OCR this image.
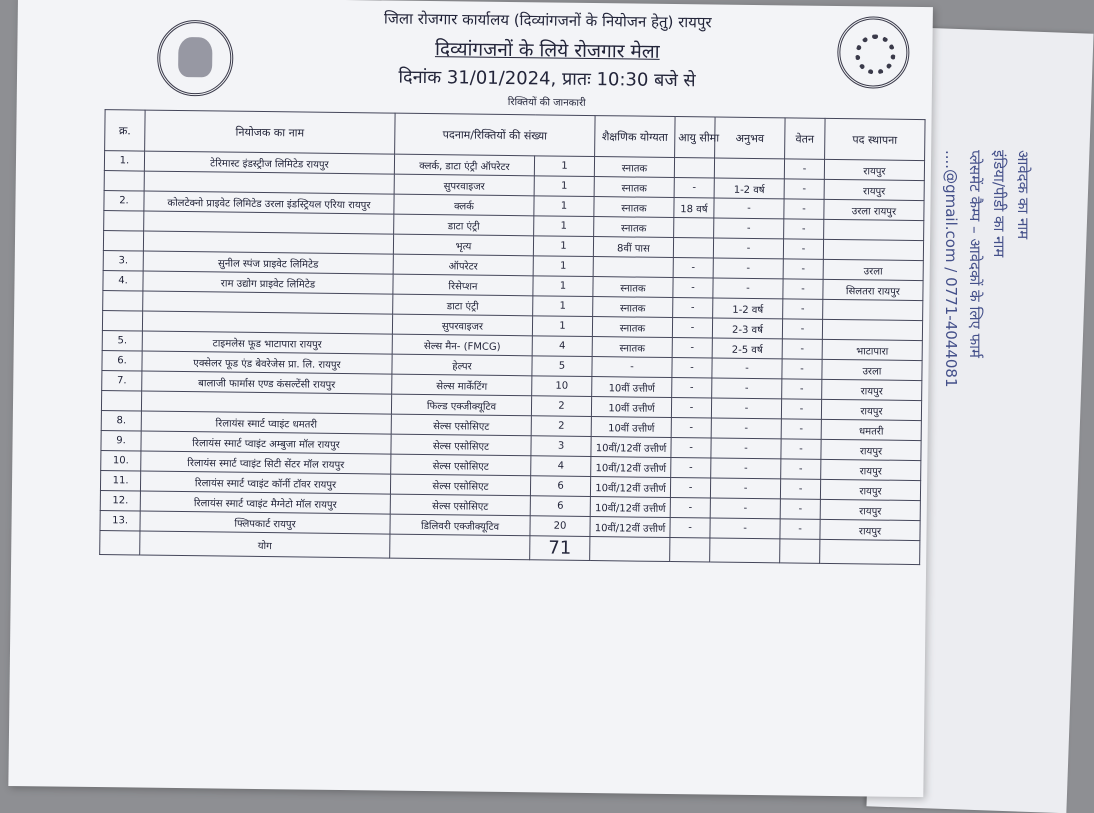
आवेदक का नाम
इंडिया/पीडी का नाम
प्लेसमेंट कैम्प – आवेदकों के लिए फार्म
....@gmail.com / 0771-4044081
जिला रोजगार कार्यालय (दिव्यांगजनों के नियोजन हेतु) रायपुर
दिव्यांगजनों के लिये रोजगार मेला
दिनांक 31/01/2024, प्रातः 10:30 बजे से
रिक्तियों की जानकारी
क्र.	नियोजक का नाम	पदनाम/रिक्तियों की संख्या		शैक्षणिक योग्यता	आयु सीमा	अनुभव	वेतन	पद स्थापना
1.	टेरिमास्ट इंडस्ट्रीज लिमिटेड रायपुर	क्लर्क, डाटा एंट्री ऑपरेटर	1	स्नातक			-	रायपुर
		सुपरवाइजर	1	स्नातक	-	1-2 वर्ष	-	रायपुर
2.	कोलटेक्नो प्राइवेट लिमिटेड उरला इंडस्ट्रियल एरिया रायपुर	क्लर्क	1	स्नातक	18 वर्ष	-	-	उरला रायपुर
		डाटा एंट्री	1	स्नातक		-	-	
		भृत्य	1	8वीं पास		-	-	
3.	सुनील स्पंज प्राइवेट लिमिटेड	ऑपरेटर	1		-	-	-	उरला
4.	राम उद्योग प्राइवेट लिमिटेड	रिसेप्शन	1	स्नातक	-	-	-	सिलतरा रायपुर
		डाटा एंट्री	1	स्नातक	-	1-2 वर्ष	-	
		सुपरवाइजर	1	स्नातक	-	2-3 वर्ष	-	
5.	टाइमलेस फूड भाटापारा रायपुर	सेल्स मैन- (FMCG)	4	स्नातक	-	2-5 वर्ष	-	भाटापारा
6.	एक्सेलर फूड एंड बेवरेजेस प्रा. लि. रायपुर	हेल्पर	5	-	-	-	-	उरला
7.	बालाजी फार्मास एण्ड कंसल्टेंसी रायपुर	सेल्स मार्केटिंग	10	10वीं उत्तीर्ण	-	-	-	रायपुर
		फिल्ड एक्जीक्यूटिव	2	10वीं उत्तीर्ण	-	-	-	रायपुर
8.	रिलायंस स्मार्ट प्वाइंट धमतरी	सेल्स एसोसिएट	2	10वीं उत्तीर्ण	-	-	-	धमतरी
9.	रिलायंस स्मार्ट प्वाइंट अम्बुजा मॉल रायपुर	सेल्स एसोसिएट	3	10वीं/12वीं उत्तीर्ण	-	-	-	रायपुर
10.	रिलायंस स्मार्ट प्वाइंट सिटी सेंटर मॉल रायपुर	सेल्स एसोसिएट	4	10वीं/12वीं उत्तीर्ण	-	-	-	रायपुर
11.	रिलायंस स्मार्ट प्वाइंट कॉर्नी टॉवर रायपुर	सेल्स एसोसिएट	6	10वीं/12वीं उत्तीर्ण	-	-	-	रायपुर
12.	रिलायंस स्मार्ट प्वाइंट मैग्नेटो मॉल रायपुर	सेल्स एसोसिएट	6	10वीं/12वीं उत्तीर्ण	-	-	-	रायपुर
13.	फ्लिपकार्ट रायपुर	डिलिवरी एक्जीक्यूटिव	20	10वीं/12वीं उत्तीर्ण	-	-	-	रायपुर
	योग		71					
